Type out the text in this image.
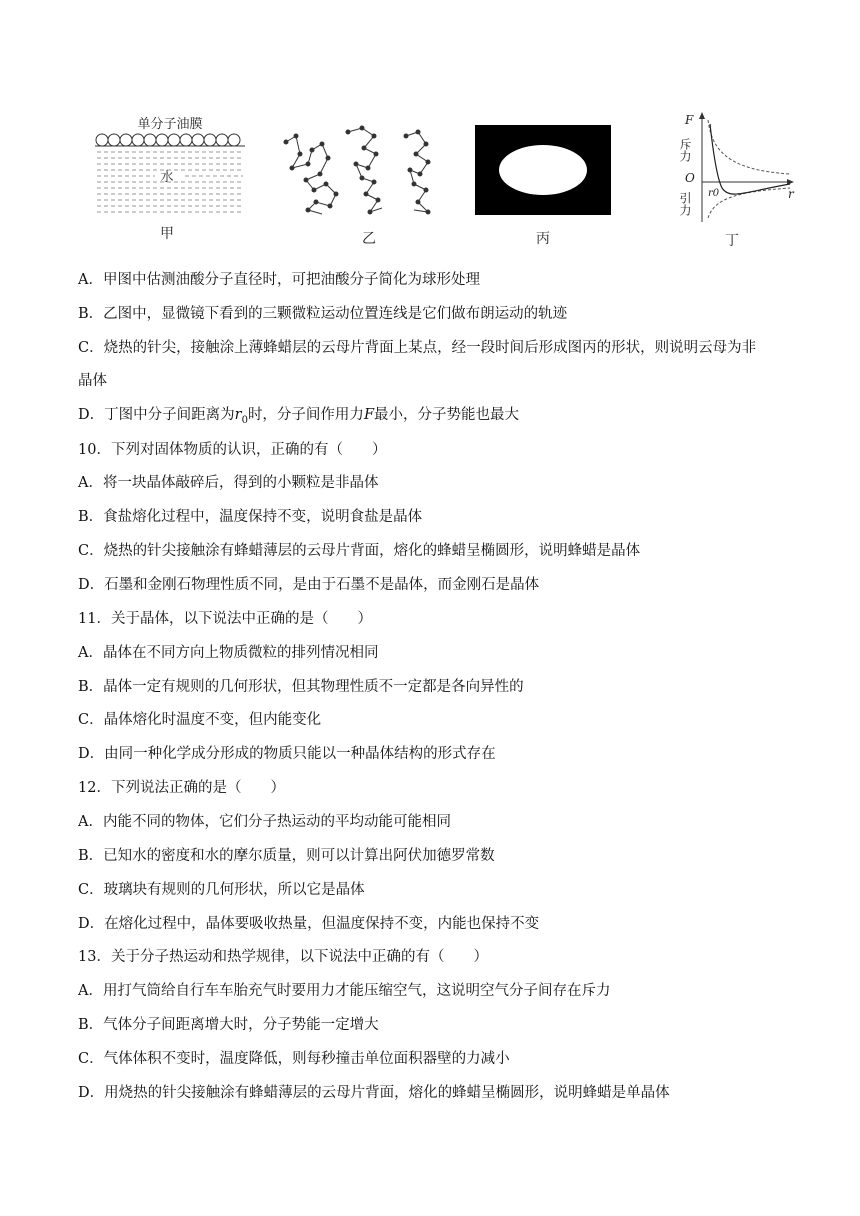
单分子油膜
水
甲	乙	丙
F
r
O
斥力
引力 r0
丁
A．甲图中估测油酸分子直径时，可把油酸分子简化为球形处理
B．乙图中，显微镜下看到的三颗微粒运动位置连线是它们做布朗运动的轨迹
C．烧热的针尖，接触涂上薄蜂蜡层的云母片背面上某点，经一段时间后形成图丙的形状，则说明云母为非
晶体
D．丁图中分子间距离为$r_0$时，分子间作用力F最小，分子势能也最大
10．下列对固体物质的认识，正确的有（　　）
A．将一块晶体敲碎后，得到的小颗粒是非晶体
B．食盐熔化过程中，温度保持不变，说明食盐是晶体
C．烧热的针尖接触涂有蜂蜡薄层的云母片背面，熔化的蜂蜡呈椭圆形，说明蜂蜡是晶体
D．石墨和金刚石物理性质不同，是由于石墨不是晶体，而金刚石是晶体
11．关于晶体，以下说法中正确的是（　　）
A．晶体在不同方向上物质微粒的排列情况相同
B．晶体一定有规则的几何形状，但其物理性质不一定都是各向异性的
C．晶体熔化时温度不变，但内能变化
D．由同一种化学成分形成的物质只能以一种晶体结构的形式存在
12．下列说法正确的是（　　）
A．内能不同的物体，它们分子热运动的平均动能可能相同
B．已知水的密度和水的摩尔质量，则可以计算出阿伏加德罗常数
C．玻璃块有规则的几何形状，所以它是晶体
D．在熔化过程中，晶体要吸收热量，但温度保持不变，内能也保持不变
13．关于分子热运动和热学规律，以下说法中正确的有（　　）
A．用打气筒给自行车车胎充气时要用力才能压缩空气，这说明空气分子间存在斥力
B．气体分子间距离增大时，分子势能一定增大
C．气体体积不变时，温度降低，则每秒撞击单位面积器壁的力减小
D．用烧热的针尖接触涂有蜂蜡薄层的云母片背面，熔化的蜂蜡呈椭圆形，说明蜂蜡是单晶体
